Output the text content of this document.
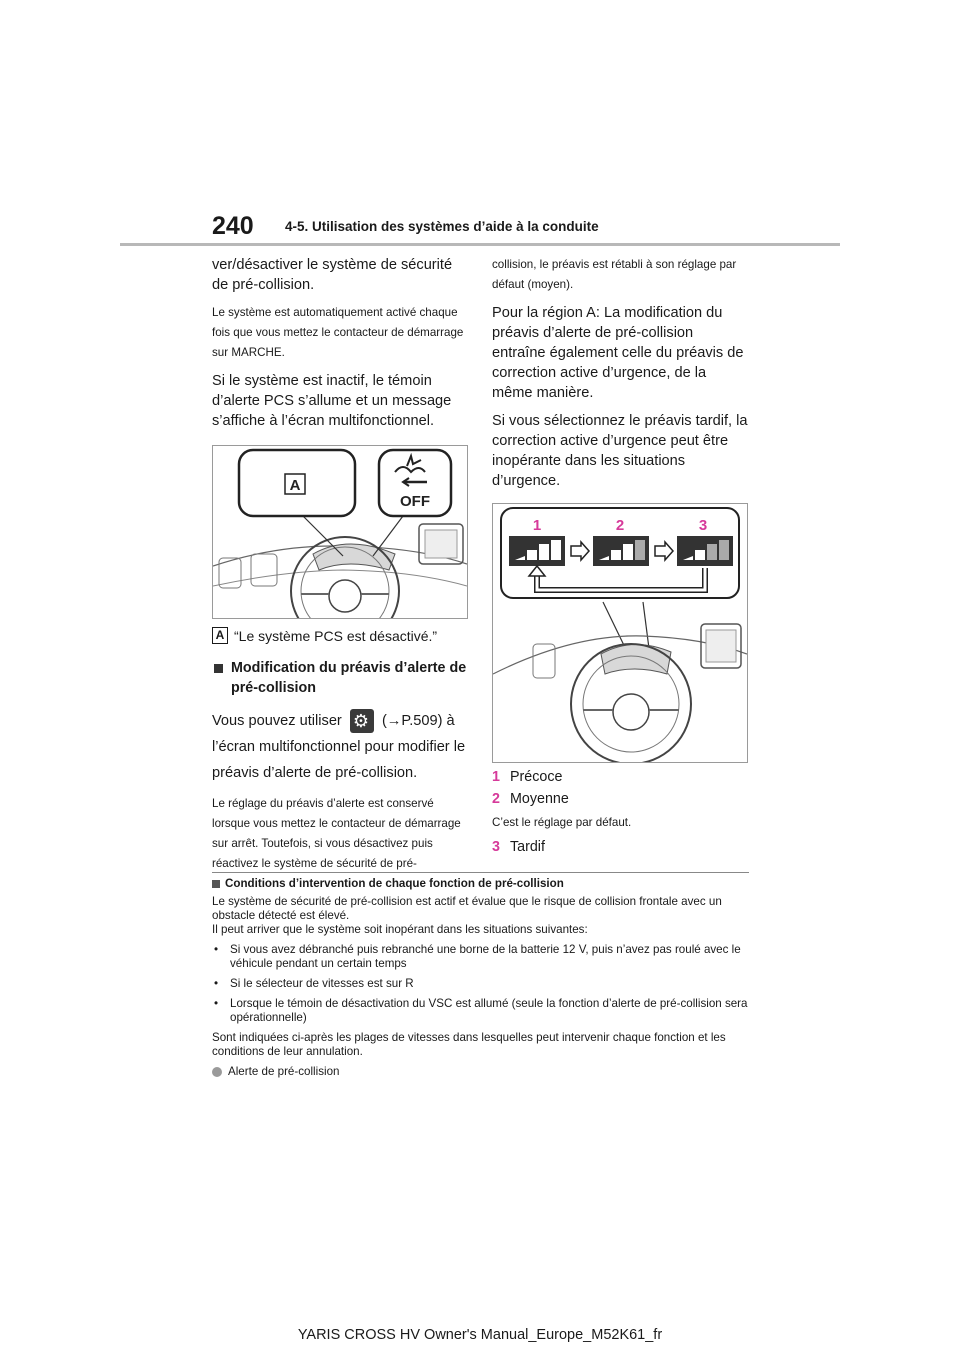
240 4-5. Utilisation des systèmes d’aide à la conduite

ver/désactiver le système de sécurité de pré-collision.

Le système est automatiquement activé chaque fois que vous mettez le contacteur de démarrage sur MARCHE.

Si le système est inactif, le témoin d’alerte PCS s’allume et un message s’affiche à l’écran multifonctionnel.

A
OFF
A “Le système PCS est désactivé.”
Modification du préavis d’alerte de pré-collision

Vous pouvez utiliser ⚙	(→P.509) à l’écran multifonctionnel pour modifier le préavis d’alerte de pré-collision.

Le réglage du préavis d’alerte est conservé lorsque vous mettez le contacteur de démarrage sur arrêt. Toutefois, si vous désactivez puis réactivez le système de sécurité de pré-

collision, le préavis est rétabli à son réglage par défaut (moyen).

Pour la région A: La modification du préavis d’alerte de pré-collision entraîne également celle du préavis de correction active d’urgence, de la même manière.

Si vous sélectionnez le préavis tardif, la correction active d’urgence peut être inopérante dans les situations d’urgence.

1	2	3
1 Précoce
2 Moyenne

C’est le réglage par défaut.

3 Tardif
Conditions d’intervention de chaque fonction de pré-collision

Le système de sécurité de pré-collision est actif et évalue que le risque de collision frontale avec un obstacle détecté est élevé.

Il peut arriver que le système soit inopérant dans les situations suivantes:

•	Si vous avez débranché puis rebranché une borne de la batterie 12 V, puis n’avez pas roulé avec le véhicule pendant un certain temps
•	Si le sélecteur de vitesses est sur R
•	Lorsque le témoin de désactivation du VSC est allumé (seule la fonction d’alerte de pré-collision sera opérationnelle)

Sont indiquées ci-après les plages de vitesses dans lesquelles peut intervenir chaque fonction et les conditions de leur annulation.

Alerte de pré-collision
YARIS CROSS HV Owner's Manual_Europe_M52K61_fr
